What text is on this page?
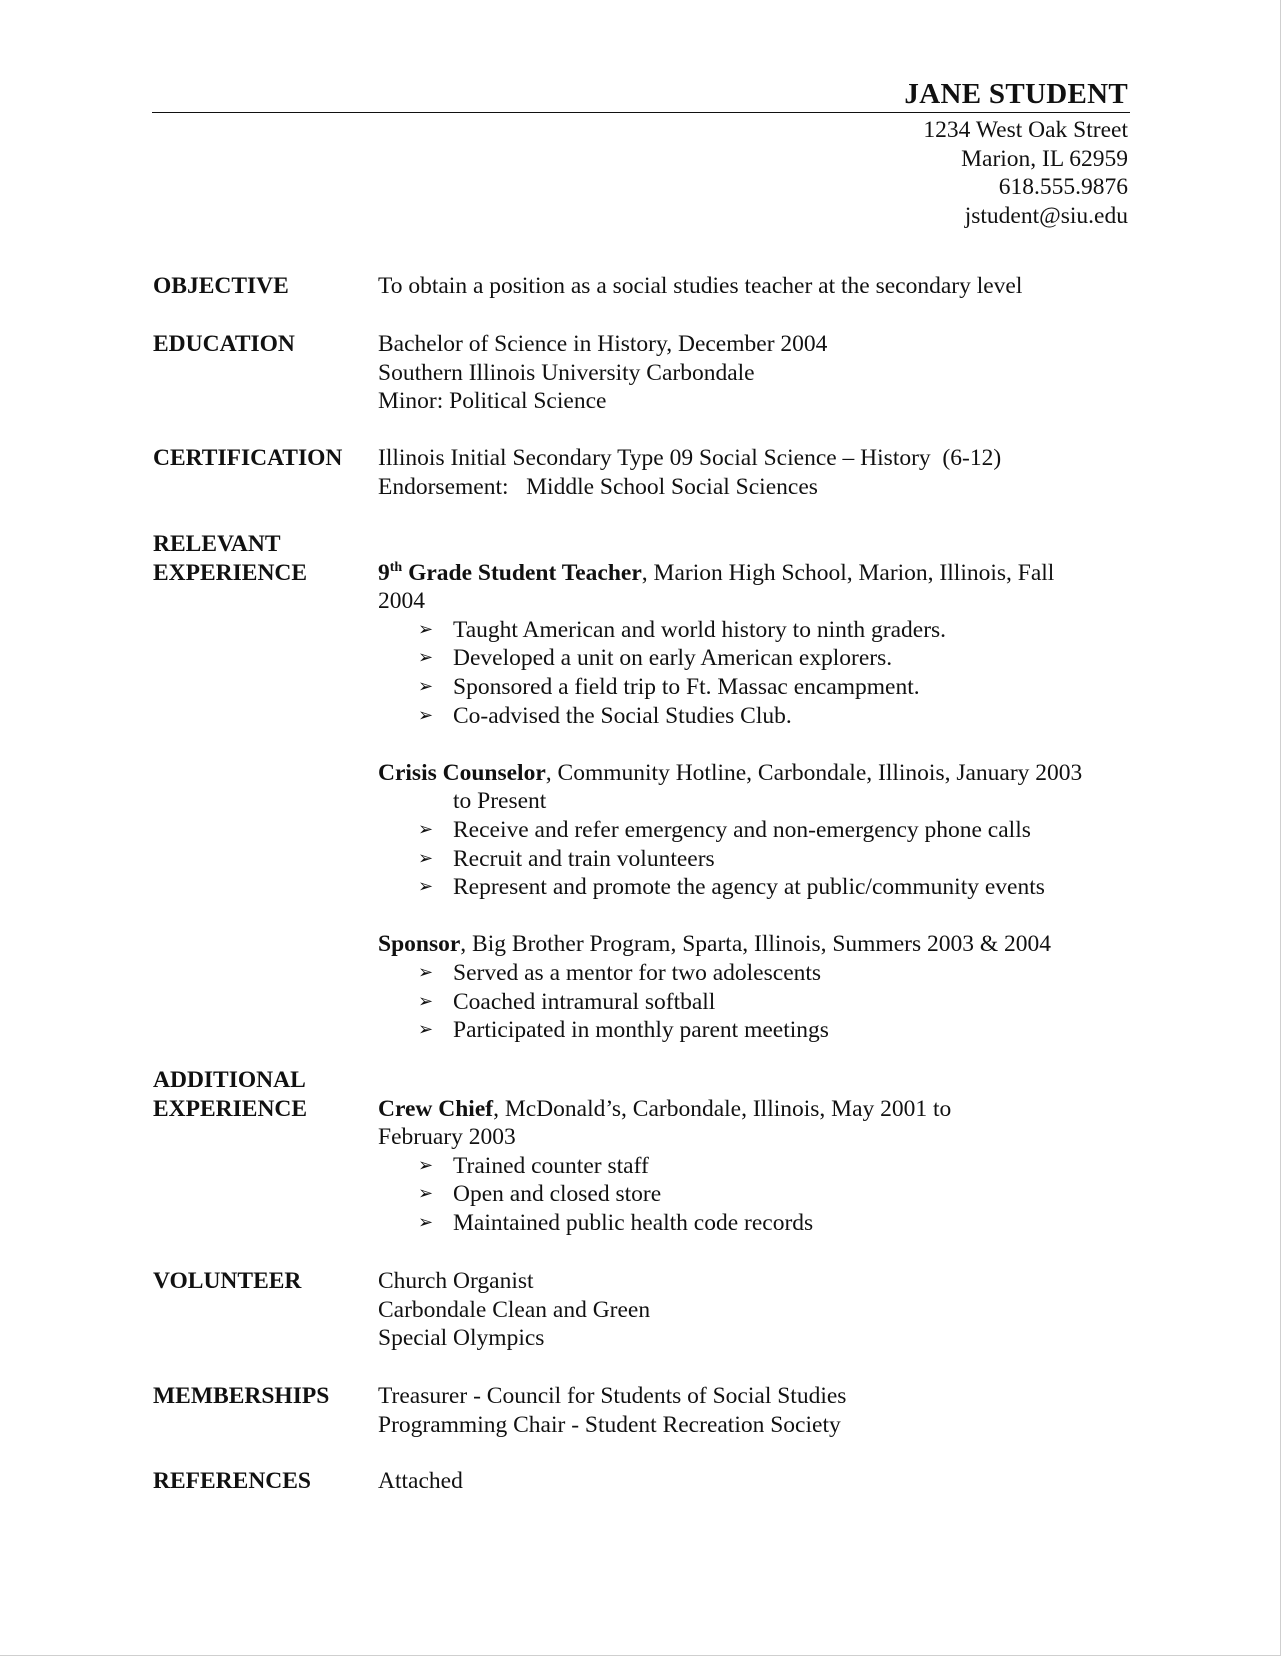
JANE STUDENT
1234 West Oak Street
Marion, IL 62959
618.555.9876
jstudent@siu.edu
OBJECTIVE	To obtain a position as a social studies teacher at the secondary level
EDUCATION	Bachelor of Science in History, December 2004
Southern Illinois University Carbondale
Minor: Political Science
CERTIFICATION	Illinois Initial Secondary Type 09 Social Science – History  (6-12)
Endorsement:   Middle School Social Sciences
RELEVANT
EXPERIENCE	9th Grade Student Teacher, Marion High School, Marion, Illinois, Fall
2004
➢ Taught American and world history to ninth graders.
➢ Developed a unit on early American explorers.
➢ Sponsored a field trip to Ft. Massac encampment.
➢ Co-advised the Social Studies Club.
Crisis Counselor, Community Hotline, Carbondale, Illinois, January 2003
to Present
➢ Receive and refer emergency and non-emergency phone calls
➢ Recruit and train volunteers
➢ Represent and promote the agency at public/community events
Sponsor, Big Brother Program, Sparta, Illinois, Summers 2003 & 2004
➢ Served as a mentor for two adolescents
➢ Coached intramural softball
➢ Participated in monthly parent meetings
ADDITIONAL
EXPERIENCE	Crew Chief, McDonald’s, Carbondale, Illinois, May 2001 to
February 2003
➢ Trained counter staff
➢ Open and closed store
➢ Maintained public health code records
VOLUNTEER	Church Organist
Carbondale Clean and Green
Special Olympics
MEMBERSHIPS	Treasurer - Council for Students of Social Studies
Programming Chair - Student Recreation Society
REFERENCES	Attached
